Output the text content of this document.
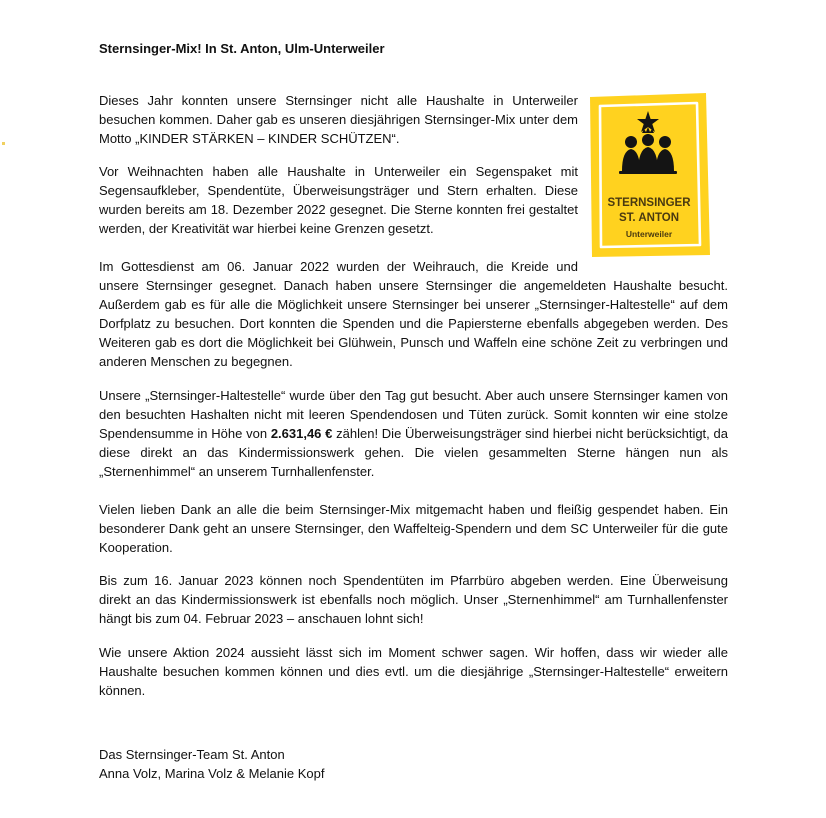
Sternsinger-Mix! In St. Anton, Ulm-Unterweiler

Dieses Jahr konnten unsere Sternsinger nicht alle Haushalte in Unterweiler besuchen kommen. Daher gab es unseren diesjährigen Sternsinger-Mix unter dem Motto „KINDER STÄRKEN – KINDER SCHÜTZEN“.

Vor Weihnachten haben alle Haushalte in Unterweiler ein Segenspaket mit Segensaufkleber, Spendentüte, Überweisungsträger und Stern erhalten. Diese wurden bereits am 18. Dezember 2022 gesegnet. Die Sterne konnten frei gestaltet werden, der Kreativität war hierbei keine Grenzen gesetzt.

STERNSINGER
ST. ANTON
Unterweiler

Im Gottesdienst am 06. Januar 2022 wurden der Weihrauch, die Kreide und
unsere Sternsinger gesegnet. Danach haben unsere Sternsinger die angemeldeten Haushalte besucht. Außerdem gab es für alle die Möglichkeit unsere Sternsinger bei unserer „Sternsinger-Haltestelle“ auf dem Dorfplatz zu besuchen. Dort konnten die Spenden und die Papiersterne ebenfalls abgegeben werden. Des Weiteren gab es dort die Möglichkeit bei Glühwein, Punsch und Waffeln eine schöne Zeit zu verbringen und anderen Menschen zu begegnen.

Unsere „Sternsinger-Haltestelle“ wurde über den Tag gut besucht. Aber auch unsere Sternsinger kamen von den besuchten Hashalten nicht mit leeren Spendendosen und Tüten zurück. Somit konnten wir eine stolze Spendensumme in Höhe von 2.631,46 € zählen! Die Überweisungsträger sind hierbei nicht berücksichtigt, da diese direkt an das Kindermissionswerk gehen. Die vielen gesammelten Sterne hängen nun als „Sternenhimmel“ an unserem Turnhallenfenster.

Vielen lieben Dank an alle die beim Sternsinger-Mix mitgemacht haben und fleißig gespendet haben. Ein besonderer Dank geht an unsere Sternsinger, den Waffelteig-Spendern und dem SC Unterweiler für die gute Kooperation.

Bis zum 16. Januar 2023 können noch Spendentüten im Pfarrbüro abgeben werden. Eine Überweisung direkt an das Kindermissionswerk ist ebenfalls noch möglich. Unser „Sternenhimmel“ am Turnhallenfenster hängt bis zum 04. Februar 2023 – anschauen lohnt sich!

Wie unsere Aktion 2024 aussieht lässt sich im Moment schwer sagen. Wir hoffen, dass wir wieder alle Haushalte besuchen kommen können und dies evtl. um die diesjährige „Sternsinger-Haltestelle“ erweitern können.

Das Sternsinger-Team St. Anton
Anna Volz, Marina Volz & Melanie Kopf
